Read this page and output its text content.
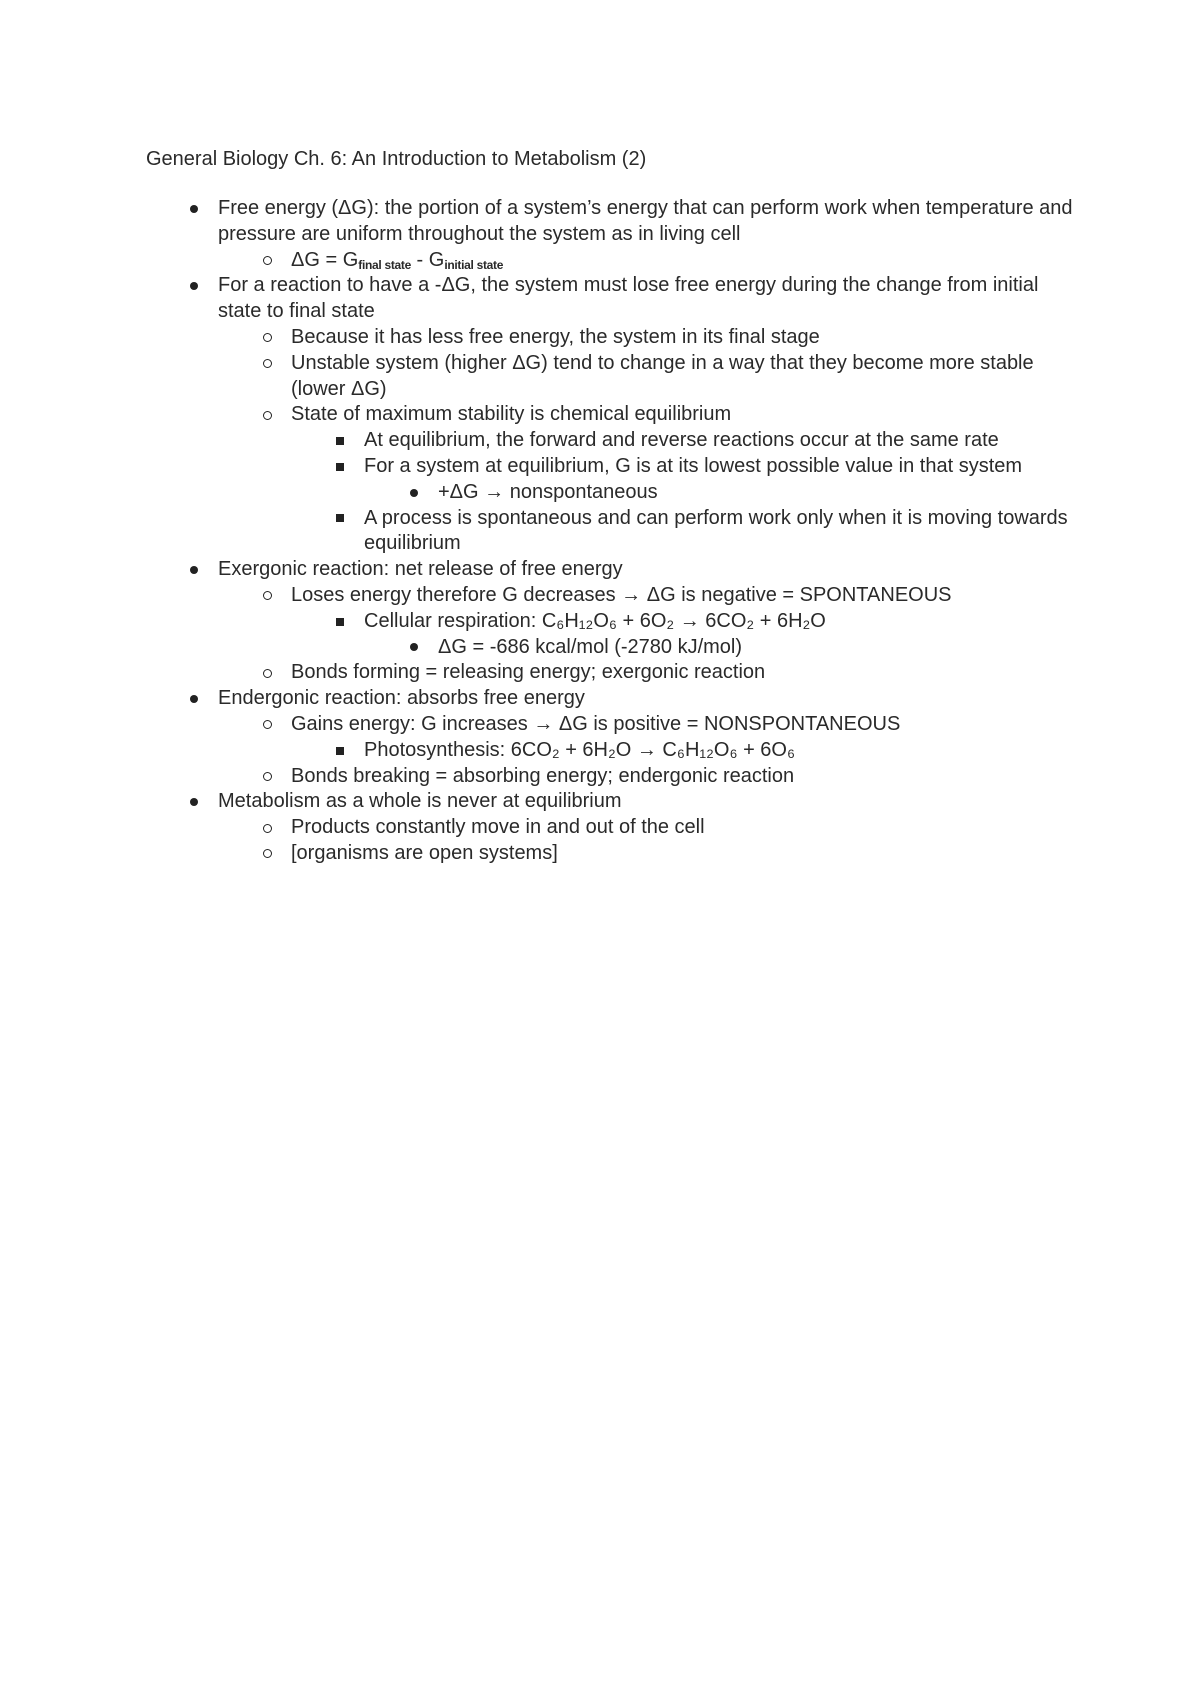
General Biology Ch. 6: An Introduction to Metabolism (2)
Free energy (ΔG): the portion of a system’s energy that can perform work when temperature and pressure are uniform throughout the system as in living cell
$\Delta G = G_{final state} - G_{initial state}$
For a reaction to have a -ΔG, the system must lose free energy during the change from initial state to final state
Because it has less free energy, the system in its final stage
Unstable system (higher ΔG) tend to change in a way that they become more stable (lower ΔG)
State of maximum stability is chemical equilibrium
At equilibrium, the forward and reverse reactions occur at the same rate
For a system at equilibrium, G is at its lowest possible value in that system
+ΔG → nonspontaneous
A process is spontaneous and can perform work only when it is moving towards equilibrium
Exergonic reaction: net release of free energy
Loses energy therefore G decreases → ΔG is negative = SPONTANEOUS
Cellular respiration: C₆H₁₂O₆ + 6O₂ → 6CO₂ + 6H₂O
ΔG = -686 kcal/mol (-2780 kJ/mol)
Bonds forming = releasing energy; exergonic reaction
Endergonic reaction: absorbs free energy
Gains energy: G increases → ΔG is positive = NONSPONTANEOUS
Photosynthesis: 6CO₂ + 6H₂O → C₆H₁₂O₆ + 6O₆
Bonds breaking = absorbing energy; endergonic reaction
Metabolism as a whole is never at equilibrium
Products constantly move in and out of the cell
[organisms are open systems]
